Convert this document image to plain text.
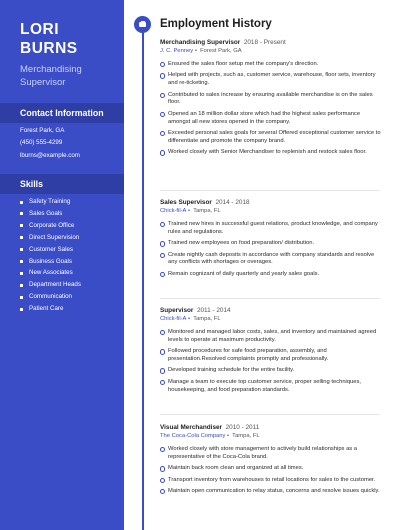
LORI
BURNS
Merchandising Supervisor
Contact Information
Forest Park, GA
(450) 555-4299
lburns@example.com
Skills
Safety Training
Sales Goals
Corporate Office
Direct Supervision
Customer Sales
Business Goals
New Associates
Department Heads
Communication
Patient Care
Employment History
Merchandising Supervisor 2018 - Present
J. C. Penney •  Forest Park, GA
Ensured the sales floor setup met the company's direction.
Helped with projects, such as, customer service, warehouse, floor sets, inventory and re-ticketing.
Contributed to sales increase by ensuring available merchandise is on the sales floor.
Opened an 18 million dollar store which had the highest sales performance amongst all new stores opened in the company.
Exceeded personal sales goals for several Offered exceptional customer service to differentiate and promote the company brand.
Worked closely with Senior Merchandiser to replenish and restock sales floor.
Sales Supervisor 2014 - 2018
Chick-fil-A •  Tampa, FL
Trained new hires in successful guest relations, product knowledge, and company rules and regulations.
Trained new employees on food preparation/ distribution.
Create nightly cash deposits in accordance with company standards and resolve any conflicts with shortages or overages.
Remain cognizant of daily quarterly and yearly sales goals.
Supervisor 2011 - 2014
Chick-fil-A •  Tampa, FL
Monitored and managed labor costs, sales, and inventory and maintained agreed levels to operate at maximum productivity.
Followed procedures for safe food preparation, assembly, and presentation.Resolved complaints promptly and professionally.
Developed training schedule for the entire facility.
Manage a team to execute top customer service, proper selling techniques, housekeeping, and food preparation standards.
Visual Merchandiser 2010 - 2011
The Coca-Cola Company •  Tampa, FL
Worked closely with store management to actively build relationships as a representative of the Coca-Cola brand.
Maintain back room clean and organized at all times.
Transport inventory from warehouses to retail locations for sales to the customer.
Maintain open communication to relay status, concerns and resolve issues quickly.
